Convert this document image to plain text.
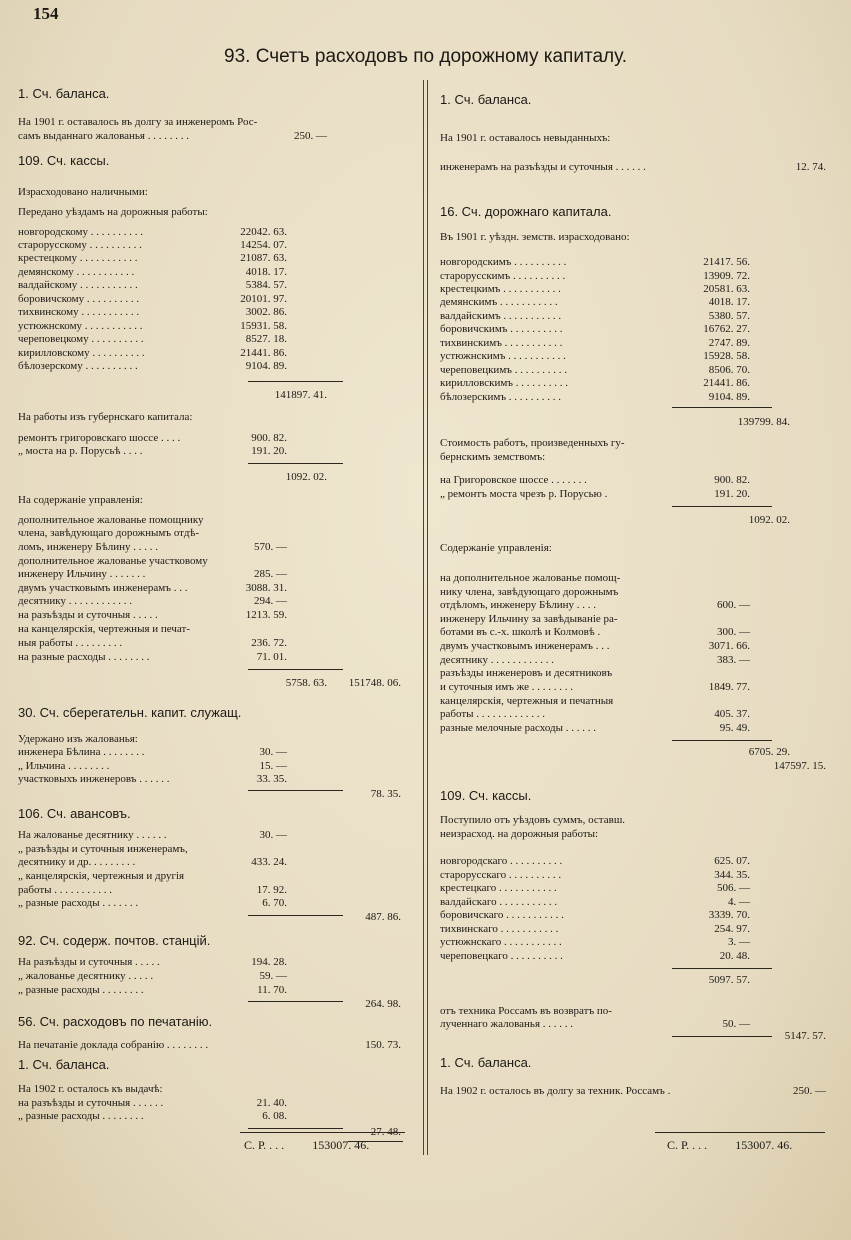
154
93. Счетъ расходовъ по дорожному капиталу.
1. Сч. баланса.
На 1901 г. оставалось въ долгу за инженеромъ Рос-
самъ выданнаго жалованья . . . . . . . .	250. —
109. Сч. кассы.
Израсходовано наличными:
Передано уѣздамъ на дорожныя работы:
новгородскому . . . . . . . . . .	22042. 63.
старорусскому . . . . . . . . . .	14254. 07.
крестецкому . . . . . . . . . . .	21087. 63.
демянскому . . . . . . . . . . .	4018. 17.
валдайскому . . . . . . . . . . .	5384. 57.
боровичскому . . . . . . . . . .	20101. 97.
тихвинскому . . . . . . . . . . .	3002. 86.
устюжнскому . . . . . . . . . . .	15931. 58.
череповецкому . . . . . . . . . .	8527. 18.
кирилловскому . . . . . . . . . .	21441. 86.
бѣлозерскому . . . . . . . . . .	9104. 89.
141897. 41.
На работы изъ губернскаго капитала:
ремонтъ григоровскаго шоссе . . . .	900. 82.
„ моста на р. Порусьѣ . . . .	191. 20.
1092. 02.
На содержаніе управленія:
дополнительное жалованье помощнику
члена, завѣдующаго дорожнымъ отдѣ-
ломъ, инженеру Бѣлину . . . . .	570. —
дополнительное жалованье участковому
инженеру Ильчину . . . . . . .	285. —
двумъ участковымъ инженерамъ . . .	3088. 31.
десятнику . . . . . . . . . . . .	294. —
на разъѣзды и суточныя . . . . .	1213. 59.
на канцелярскія, чертежныя и печат-
ныя работы . . . . . . . . .	236. 72.
на разные расходы . . . . . . . .	71. 01.
5758. 63. 151748. 06.
30. Сч. сберегательн. капит. служащ.
Удержано изъ жалованья:
инженера Бѣлина . . . . . . . .	30. —
„ Ильчина . . . . . . . .	15. —
участковыхъ инженеровъ . . . . . .	33. 35.
78. 35.
106. Сч. авансовъ.
На жалованье десятнику . . . . . .	30. —
„ разъѣзды и суточныя инженерамъ,
десятнику и др. . . . . . . . .	433. 24.
„ канцелярскія, чертежныя и другія
работы . . . . . . . . . . .	17. 92.
„ разные расходы . . . . . . .	6. 70.
487. 86.
92. Сч. содерж. почтов. станцій.
На разъѣзды и суточныя . . . . .	194. 28.
„ жалованье десятнику . . . . .	59. —
„ разные расходы . . . . . . . .	11. 70.
264. 98.
56. Сч. расходовъ по печатанію.
На печатаніе доклада собранію . . . . . . . .	150. 73.
1. Сч. баланса.
На 1902 г. осталось къ выдачѣ:
на разъѣзды и суточныя . . . . . .	21. 40.
„ разные расходы . . . . . . . .	6. 08.
27. 48.
1. Сч. баланса.
На 1901 г. оставалось невыданныхъ:
инженерамъ на разъѣзды и суточныя . . . . . .	12. 74.
16. Сч. дорожнаго капитала.
Въ 1901 г. уѣздн. земств. израсходовано:
новгородскимъ . . . . . . . . . .	21417. 56.
старорусскимъ . . . . . . . . . .	13909. 72.
крестецкимъ . . . . . . . . . . .	20581. 63.
демянскимъ . . . . . . . . . . .	4018. 17.
валдайскимъ . . . . . . . . . . .	5380. 57.
боровичскимъ . . . . . . . . . .	16762. 27.
тихвинскимъ . . . . . . . . . . .	2747. 89.
устюжнскимъ . . . . . . . . . . .	15928. 58.
череповецкимъ . . . . . . . . . .	8506. 70.
кирилловскимъ . . . . . . . . . .	21441. 86.
бѣлозерскимъ . . . . . . . . . .	9104. 89.
139799. 84.
Стоимость работъ, произведенныхъ гу-
бернскимъ земствомъ:
на Григоровское шоссе . . . . . . .	900. 82.
„ ремонтъ моста чрезъ р. Порусью .	191. 20.
1092. 02.
Содержаніе управленія:
на дополнительное жалованье помощ-
нику члена, завѣдующаго дорожнымъ
отдѣломъ, инженеру Бѣлину . . . .	600. —
инженеру Ильчину за завѣдываніе ра-
ботами въ с.-х. школѣ и Колмовѣ .	300. —
двумъ участковымъ инженерамъ . . .	3071. 66.
десятнику . . . . . . . . . . . .	383. —
разъѣзды инженеровъ и десятниковъ
и суточныя имъ же . . . . . . . .	1849. 77.
канцелярскія, чертежныя и печатныя
работы . . . . . . . . . . . . .	405. 37.
разные мелочные расходы . . . . . .	95. 49.
6705. 29.
147597. 15.
109. Сч. кассы.
Поступило отъ уѣздовъ суммъ, оставш.
неизрасход. на дорожныя работы:
новгородскаго . . . . . . . . . .	625. 07.
старорусскаго . . . . . . . . . .	344. 35.
крестецкаго . . . . . . . . . . .	506. —
валдайскаго . . . . . . . . . . .	4. —
боровичскаго . . . . . . . . . . .	3339. 70.
тихвинскаго . . . . . . . . . . .	254. 97.
устюжнскаго . . . . . . . . . . .	3. —
череповецкаго . . . . . . . . . .	20. 48.
5097. 57.
отъ техника Россамъ въ возвратъ по-
лученнаго жалованья . . . . . .	50. —
5147. 57.
1. Сч. баланса.
На 1902 г. осталось въ долгу за техник. Россамъ .	250. —
С. Р. . . . 153007. 46.	С. Р. . . . 153007. 46.
